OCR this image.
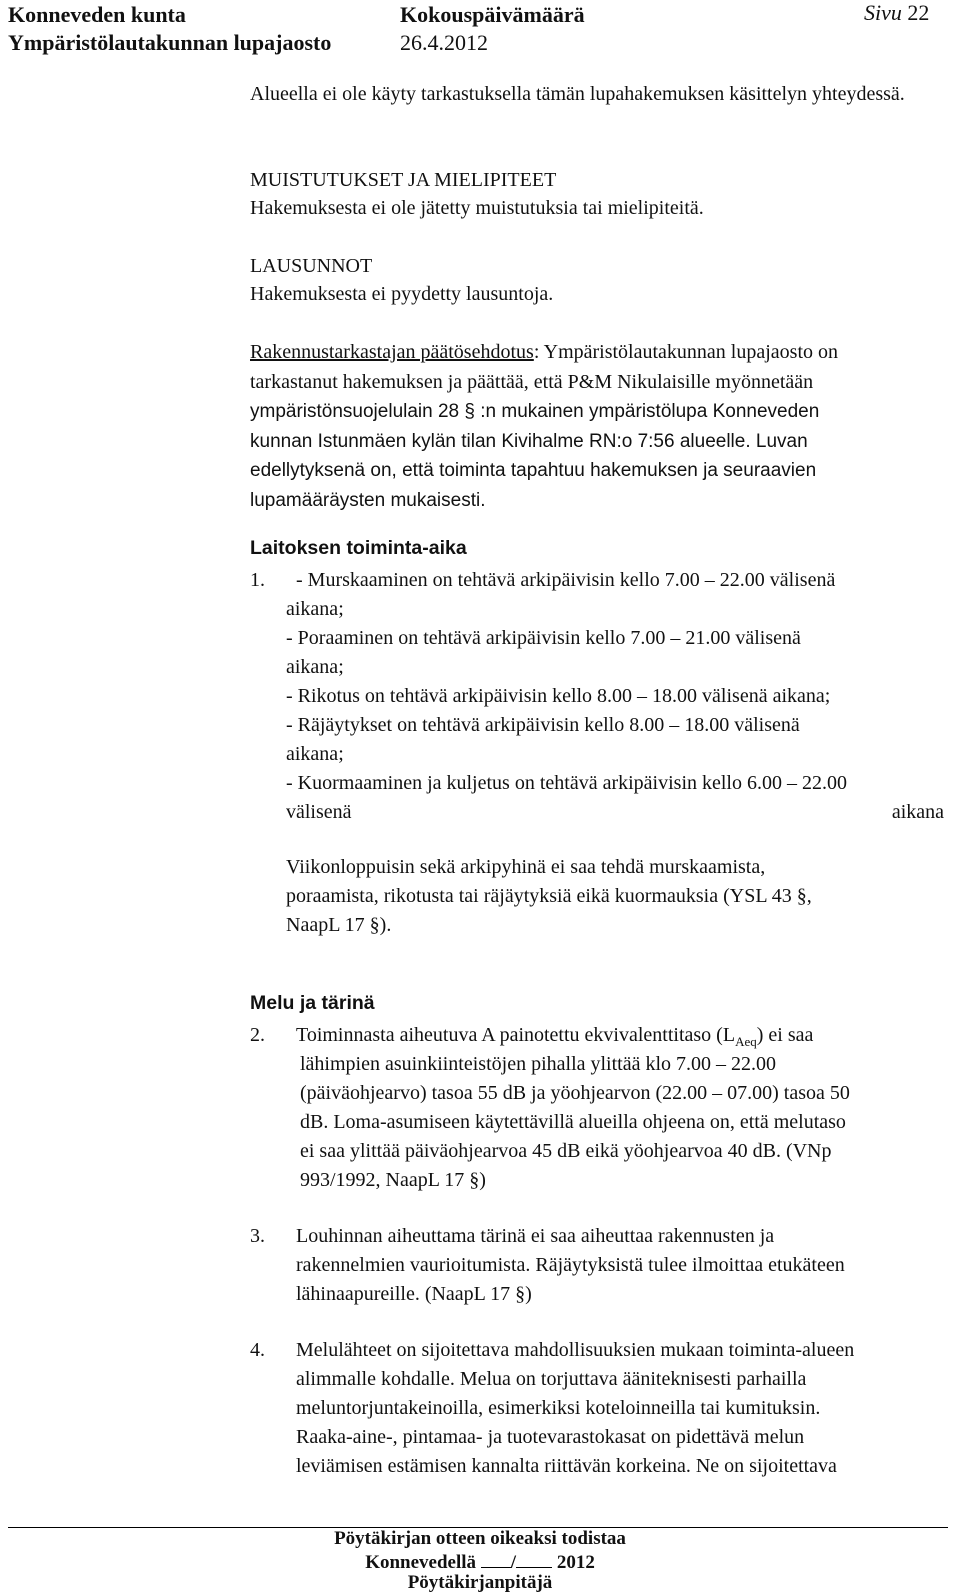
Konneveden kunta
Ympäristölautakunnan lupajaosto
Kokouspäivämäärä
26.4.2012
Sivu 22
Alueella ei ole käyty tarkastuksella tämän lupahakemuksen käsittelyn yhteydessä.
MUISTUTUKSET JA MIELIPITEET
Hakemuksesta ei ole jätetty muistutuksia tai mielipiteitä.
LAUSUNNOT
Hakemuksesta ei pyydetty lausuntoja.
Rakennustarkastajan päätösehdotus: Ympäristölautakunnan lupajaosto on
tarkastanut hakemuksen ja päättää, että P&M Nikulaisille myönnetään
ympäristönsuojelulain 28 § :n mukainen ympäristölupa Konneveden
kunnan Istunmäen kylän tilan Kivihalme RN:o 7:56 alueelle. Luvan
edellytyksenä on, että toiminta tapahtuu hakemuksen ja seuraavien
lupamääräysten mukaisesti.
Laitoksen toiminta-aika
1. - Murskaaminen on tehtävä arkipäivisin kello 7.00 – 22.00 välisenä
aikana;
- Poraaminen on tehtävä arkipäivisin kello 7.00 – 21.00 välisenä
aikana;
- Rikotus on tehtävä arkipäivisin kello 8.00 – 18.00 välisenä aikana;
- Räjäytykset on tehtävä arkipäivisin kello 8.00 – 18.00 välisenä
aikana;
- Kuormaaminen ja kuljetus on tehtävä arkipäivisin kello 6.00 – 22.00
välisenä	aikana
Viikonloppuisin sekä arkipyhinä ei saa tehdä murskaamista,
poraamista, rikotusta tai räjäytyksiä eikä kuormauksia (YSL 43 §,
NaapL 17 §).
Melu ja tärinä
2. Toiminnasta aiheutuva A painotettu ekvivalenttitaso $(L_{Aeq})$ ei saa
lähimpien asuinkiinteistöjen pihalla ylittää klo 7.00 – 22.00
(päiväohjearvo) tasoa 55 dB ja yöohjearvon (22.00 – 07.00) tasoa 50
dB. Loma-asumiseen käytettävillä alueilla ohjeena on, että melutaso
ei saa ylittää päiväohjearvoa 45 dB eikä yöohjearvoa 40 dB. (VNp
993/1992, NaapL 17 §)
3. Louhinnan aiheuttama tärinä ei saa aiheuttaa rakennusten ja
rakennelmien vaurioitumista. Räjäytyksistä tulee ilmoittaa etukäteen
lähinaapureille. (NaapL 17 §)
4. Melulähteet on sijoitettava mahdollisuuksien mukaan toiminta-alueen
alimmalle kohdalle. Melua on torjuttava ääniteknisesti parhailla
meluntorjuntakeinoilla, esimerkiksi koteloinneilla tai kumituksin.
Raaka-aine-, pintamaa- ja tuotevarastokasat on pidettävä melun
leviämisen estämisen kannalta riittävän korkeina. Ne on sijoitettava
Pöytäkirjan otteen oikeaksi todistaa
Konnevedellä / 2012
Pöytäkirjanpitäjä
